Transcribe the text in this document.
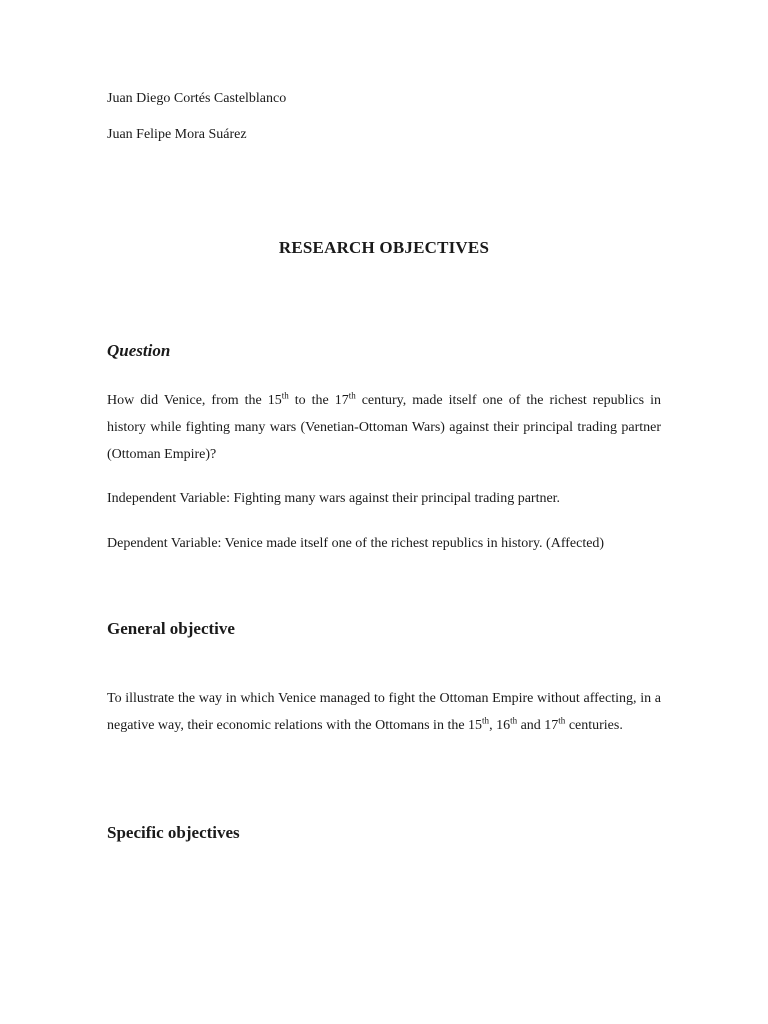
Juan Diego Cortés Castelblanco
Juan Felipe Mora Suárez
RESEARCH OBJECTIVES
Question

How did Venice, from the 15th to the 17th century, made itself one of the richest republics in history while fighting many wars (Venetian-Ottoman Wars) against their principal trading partner (Ottoman Empire)?

Independent Variable: Fighting many wars against their principal trading partner.

Dependent Variable: Venice made itself one of the richest republics in history. (Affected)

General objective

To illustrate the way in which Venice managed to fight the Ottoman Empire without affecting, in a negative way, their economic relations with the Ottomans in the 15th, 16th and 17th centuries.

Specific objectives
